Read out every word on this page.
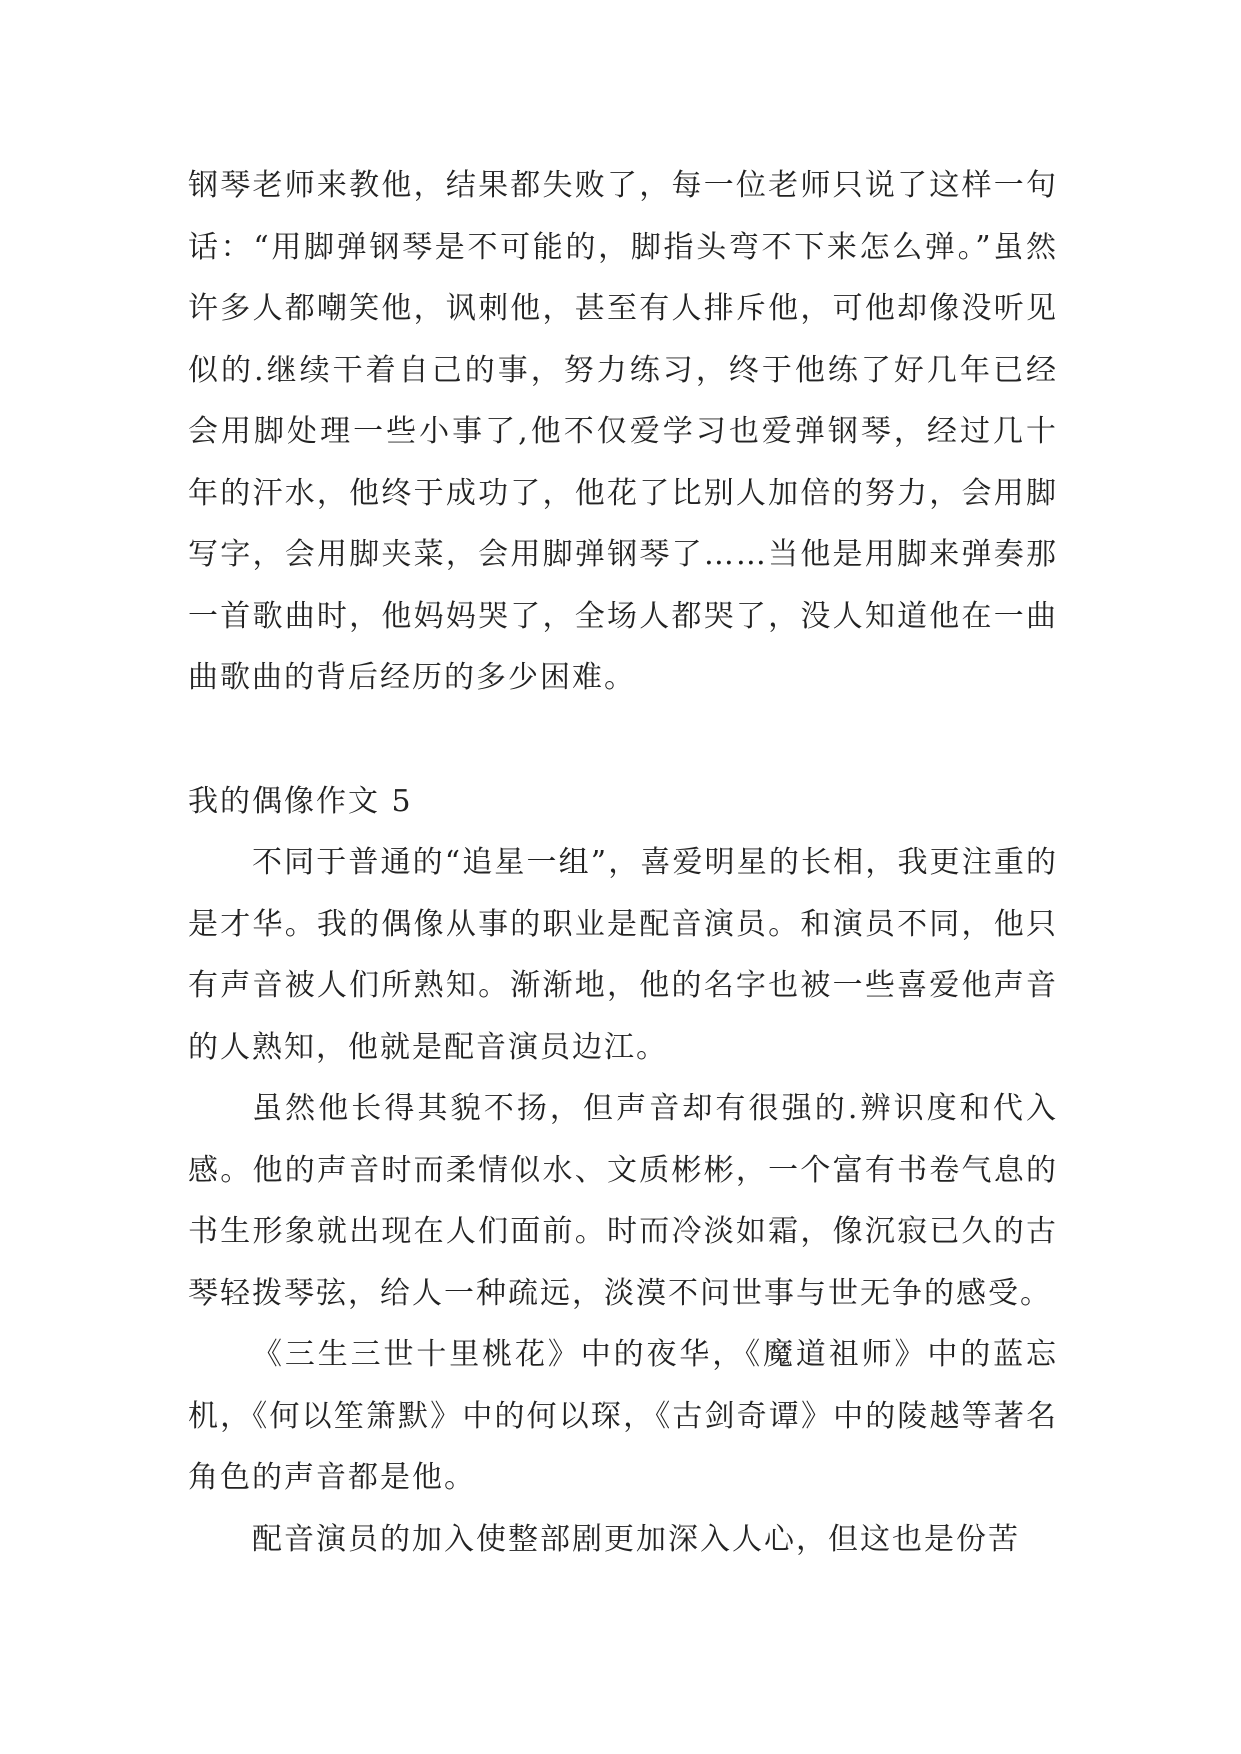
钢琴老师来教他，结果都失败了，每一位老师只说了这样一句话：“用脚弹钢琴是不可能的，脚指头弯不下来怎么弹。”虽然许多人都嘲笑他，讽刺他，甚至有人排斥他，可他却像没听见似的.继续干着自己的事，努力练习，终于他练了好几年已经会用脚处理一些小事了,他不仅爱学习也爱弹钢琴，经过几十年的汗水，他终于成功了，他花了比别人加倍的努力，会用脚写字，会用脚夹菜，会用脚弹钢琴了……当他是用脚来弹奏那一首歌曲时，他妈妈哭了，全场人都哭了，没人知道他在一曲曲歌曲的背后经历的多少困难。

我的偶像作文 5

不同于普通的“追星一组”，喜爱明星的长相，我更注重的是才华。我的偶像从事的职业是配音演员。和演员不同，他只有声音被人们所熟知。渐渐地，他的名字也被一些喜爱他声音的人熟知，他就是配音演员边江。

虽然他长得其貌不扬，但声音却有很强的.辨识度和代入感。他的声音时而柔情似水、文质彬彬，一个富有书卷气息的书生形象就出现在人们面前。时而冷淡如霜，像沉寂已久的古琴轻拨琴弦，给人一种疏远，淡漠不问世事与世无争的感受。

《三生三世十里桃花》中的夜华，《魔道祖师》中的蓝忘机，《何以笙箫默》中的何以琛，《古剑奇谭》中的陵越等著名角色的声音都是他。

配音演员的加入使整部剧更加深入人心，但这也是份苦
